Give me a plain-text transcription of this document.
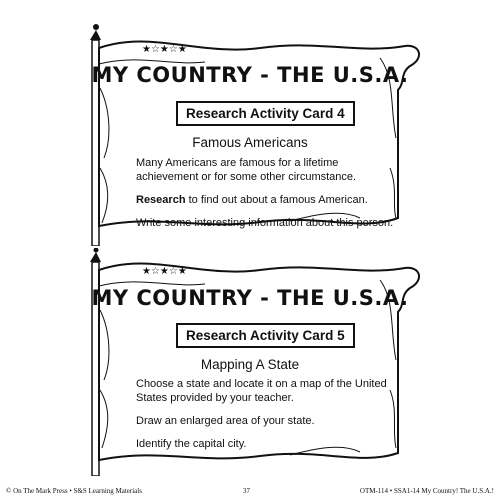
★☆★☆★
MY COUNTRY - THE U.S.A.
Research Activity Card 4
Famous Americans

Many Americans are famous for a lifetime achievement or for some other circumstance.

Research to find out about a famous American.

Write some interesting information about this person.

★☆★☆★
MY COUNTRY - THE U.S.A.
Research Activity Card 5
Mapping A State

Choose a state and locate it on a map of the United States provided by your teacher.

Draw an enlarged area of your state.

Identify the capital city.

© On The Mark Press • S&S Learning Materials	37	OTM-114 • SSA1-14 My Country! The U.S.A.!
